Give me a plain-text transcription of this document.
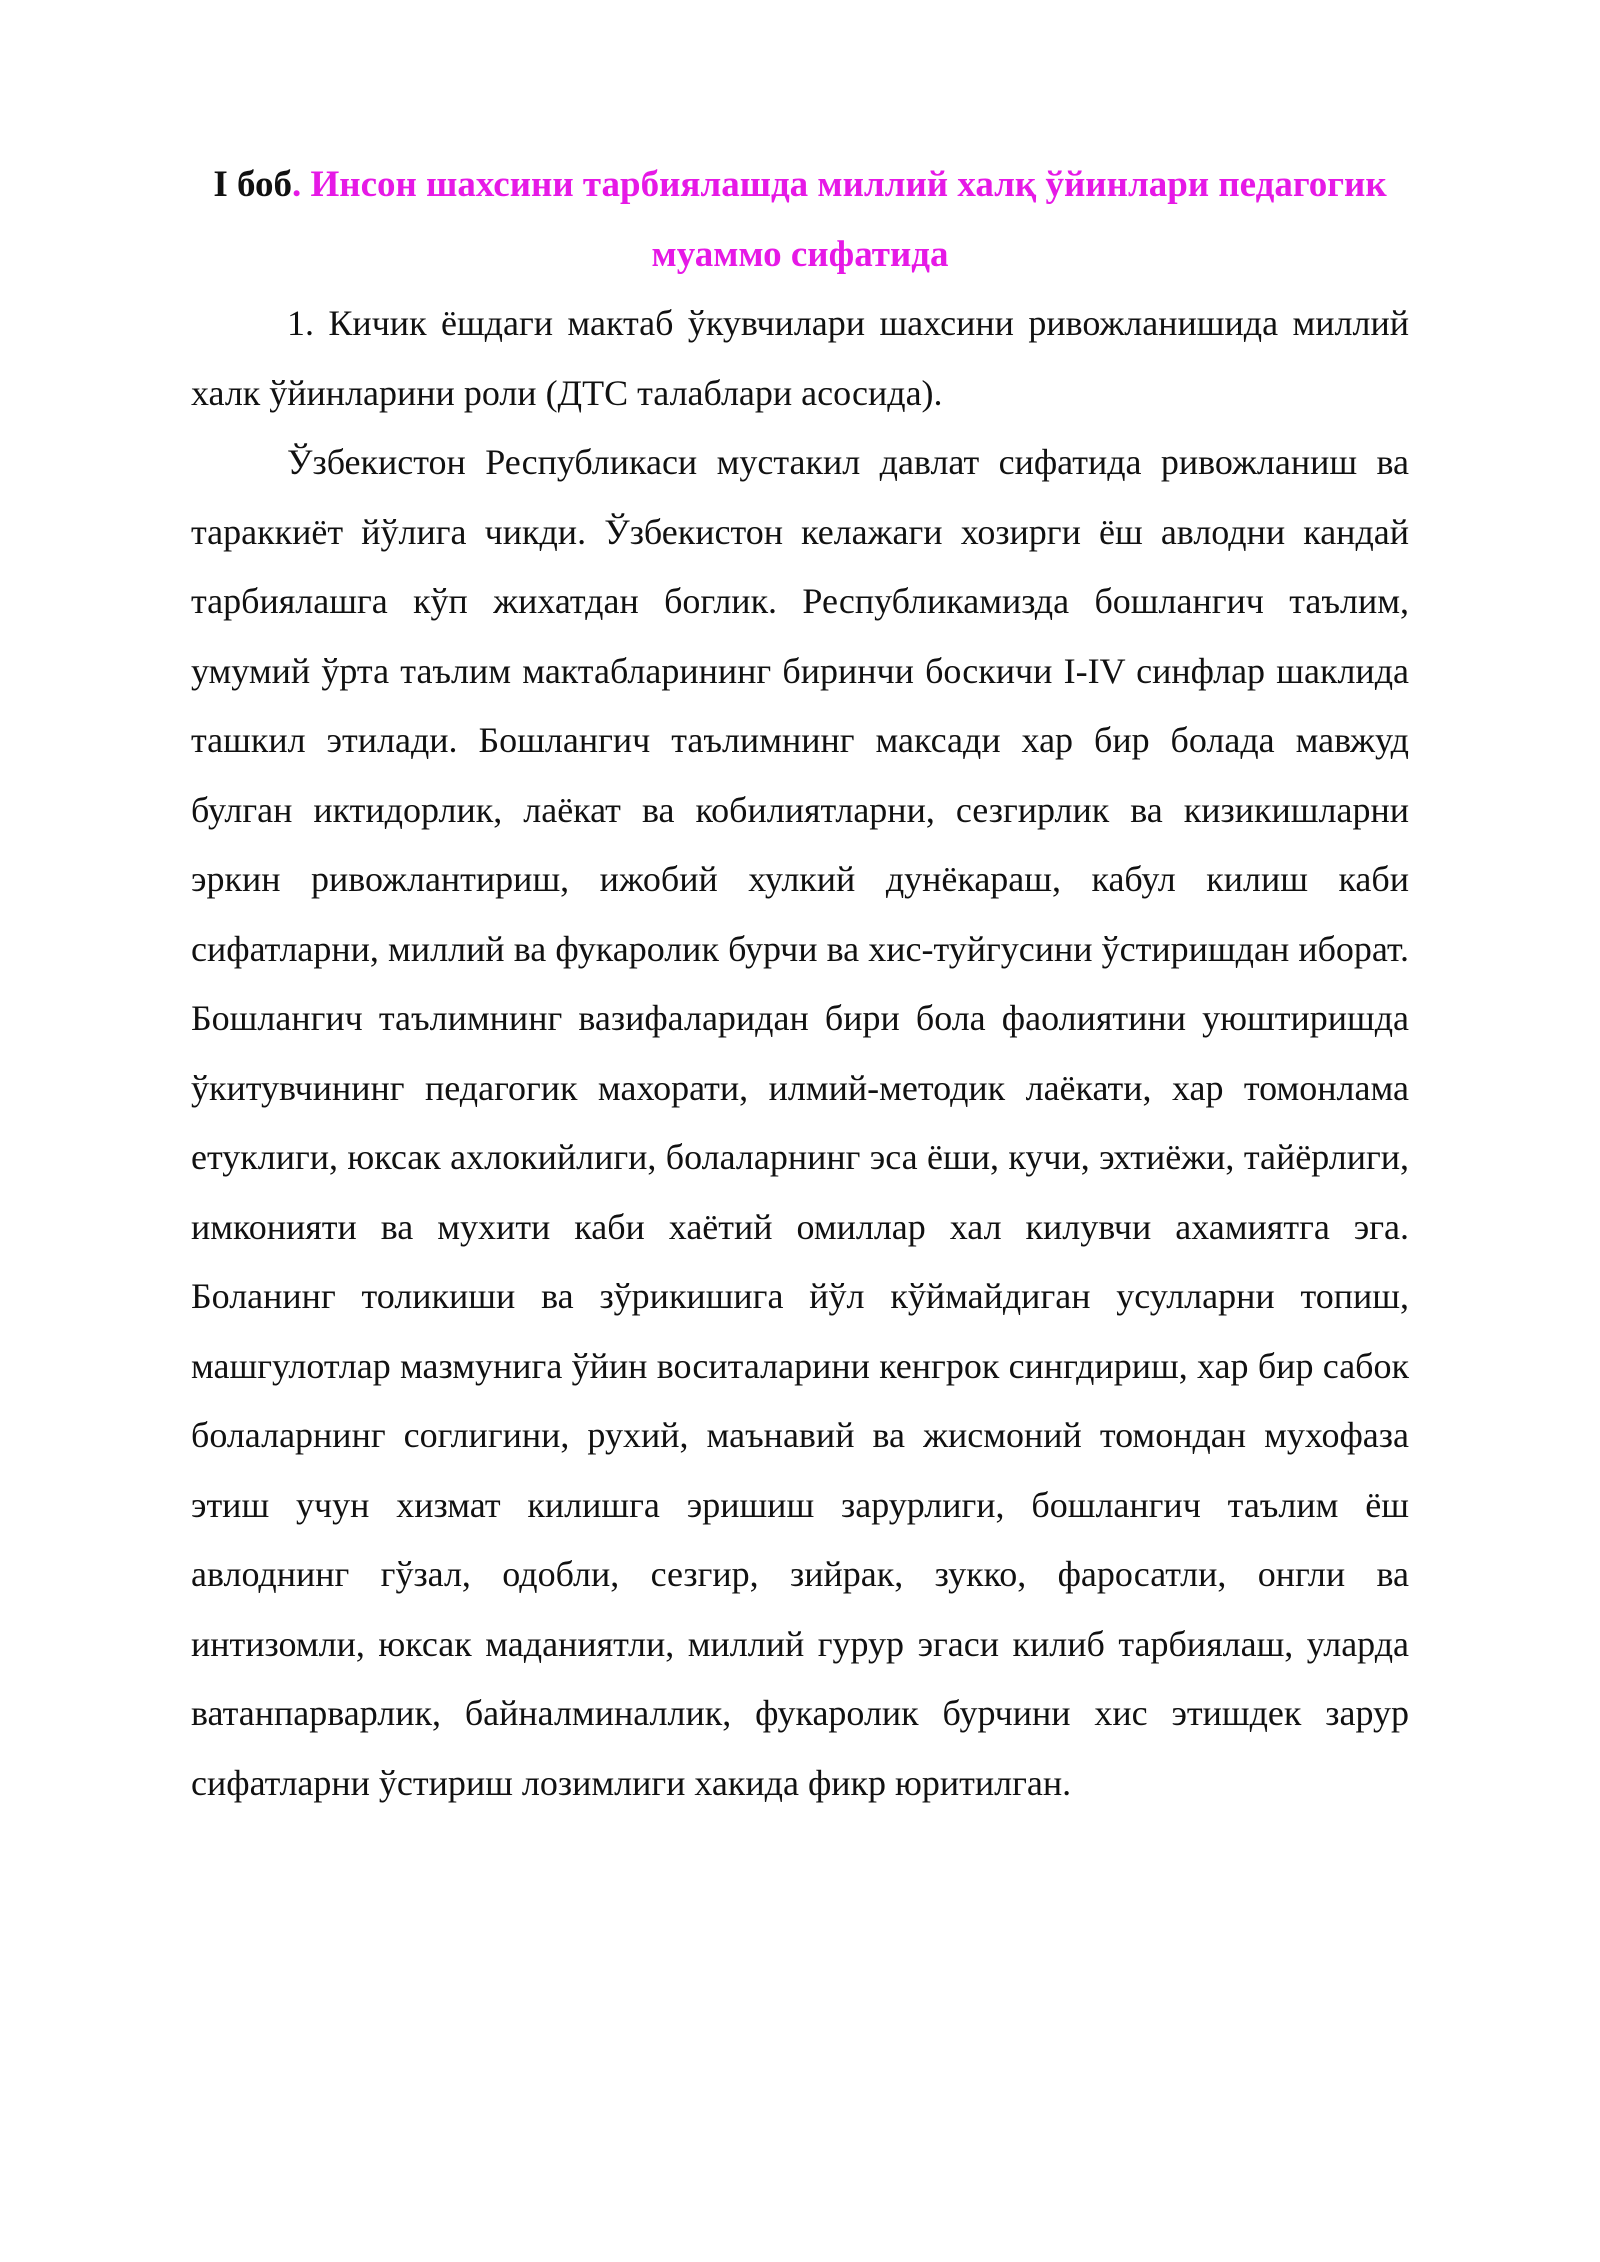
I боб. Инсон шахсини тарбиялашда миллий халқ ўйинлари педагогик муаммо сифатида

1. Кичик ёшдаги мактаб ўкувчилари шахсини ривожланишида миллий халк ўйинларини роли (ДТС талаблари асосида).

Ўзбекистон Республикаси мустакил давлат сифатида ривожланиш ва тараккиёт йўлига чикди. Ўзбекистон келажаги хозирги ёш авлодни кандай тарбиялашга кўп жихатдан боглик. Республикамизда бошлангич таълим, умумий ўрта таълим мактабларининг биринчи боскичи I-IV синфлар шаклида ташкил этилади. Бошлангич таълимнинг максади хар бир болада мавжуд булган иктидорлик, лаёкат ва кобилиятларни, сезгирлик ва кизикишларни эркин ривожлантириш, ижобий хулкий дунёкараш, кабул килиш каби сифатларни, миллий ва фукаролик бурчи ва хис-туйгусини ўстиришдан иборат. Бошлангич таълимнинг вазифаларидан бири бола фаолиятини уюштиришда ўкитувчининг педагогик махорати, илмий-методик лаёкати, хар томонлама етуклиги, юксак ахлокийлиги, болаларнинг эса ёши, кучи, эхтиёжи, тайёрлиги, имконияти ва мухити каби хаётий омиллар хал килувчи ахамиятга эга. Боланинг толикиши ва зўрикишига йўл кўймайдиган усулларни топиш, машгулотлар мазмунига ўйин воситаларини кенгрок сингдириш, хар бир сабок болаларнинг соглигини, рухий, маънавий ва жисмоний томондан мухофаза этиш учун хизмат килишга эришиш зарурлиги, бошлангич таълим ёш авлоднинг гўзал, одобли, сезгир, зийрак, зукко, фаросатли, онгли ва интизомли, юксак маданиятли, миллий гурур эгаси килиб тарбиялаш, уларда ватанпарварлик, байналминаллик, фукаролик бурчини хис этишдек зарур сифатларни ўстириш лозимлиги хакида фикр юритилган.
